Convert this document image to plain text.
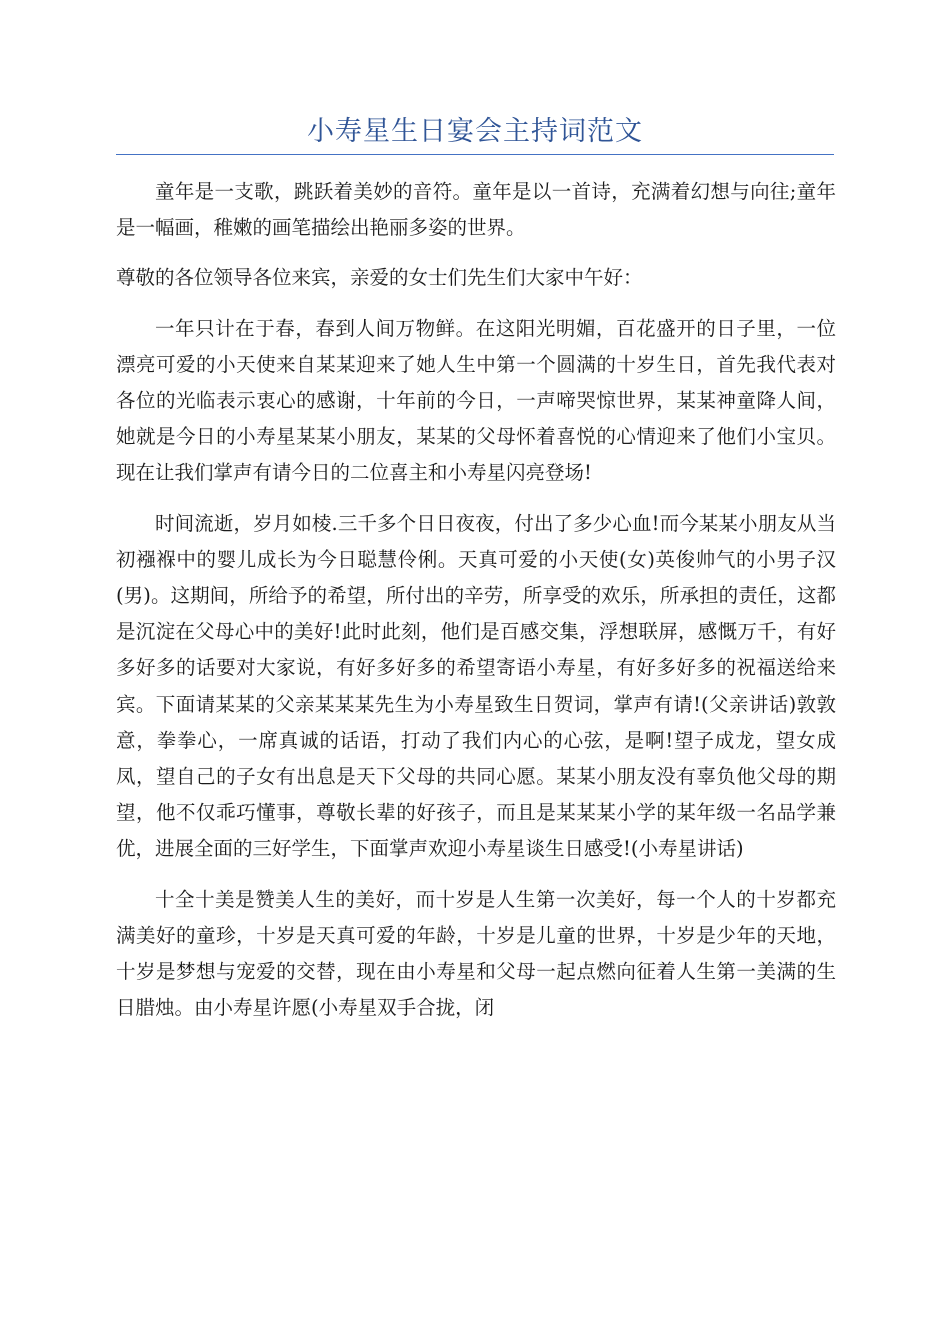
小寿星生日宴会主持词范文

童年是一支歌，跳跃着美妙的音符。童年是以一首诗，充满着幻想与向往;童年是一幅画，稚嫩的画笔描绘出艳丽多姿的世界。

尊敬的各位领导各位来宾，亲爱的女士们先生们大家中午好：

一年只计在于春，春到人间万物鲜。在这阳光明媚，百花盛开的日子里，一位漂亮可爱的小天使来自某某迎来了她人生中第一个圆满的十岁生日，首先我代表对各位的光临表示衷心的感谢，十年前的今日，一声啼哭惊世界，某某神童降人间，她就是今日的小寿星某某小朋友，某某的父母怀着喜悦的心情迎来了他们小宝贝。现在让我们掌声有请今日的二位喜主和小寿星闪亮登场!

时间流逝，岁月如棱.三千多个日日夜夜，付出了多少心血!而今某某小朋友从当初襁褓中的婴儿成长为今日聪慧伶俐。天真可爱的小天使(女)英俊帅气的小男子汉(男)。这期间，所给予的希望，所付出的辛劳，所享受的欢乐，所承担的责任，这都是沉淀在父母心中的美好!此时此刻，他们是百感交集，浮想联屏，感慨万千，有好多好多的话要对大家说，有好多好多的希望寄语小寿星，有好多好多的祝福送给来宾。下面请某某的父亲某某某先生为小寿星致生日贺词，掌声有请!(父亲讲话)敦敦意，拳拳心，一席真诚的话语，打动了我们内心的心弦，是啊!望子成龙，望女成凤，望自己的子女有出息是天下父母的共同心愿。某某小朋友没有辜负他父母的期望，他不仅乖巧懂事，尊敬长辈的好孩子，而且是某某某小学的某年级一名品学兼优，进展全面的三好学生，下面掌声欢迎小寿星谈生日感受!(小寿星讲话)

十全十美是赞美人生的美好，而十岁是人生第一次美好，每一个人的十岁都充满美好的童珍，十岁是天真可爱的年龄，十岁是儿童的世界，十岁是少年的天地，十岁是梦想与宠爱的交替，现在由小寿星和父母一起点燃向征着人生第一美满的生日腊烛。由小寿星许愿(小寿星双手合拢，闭
